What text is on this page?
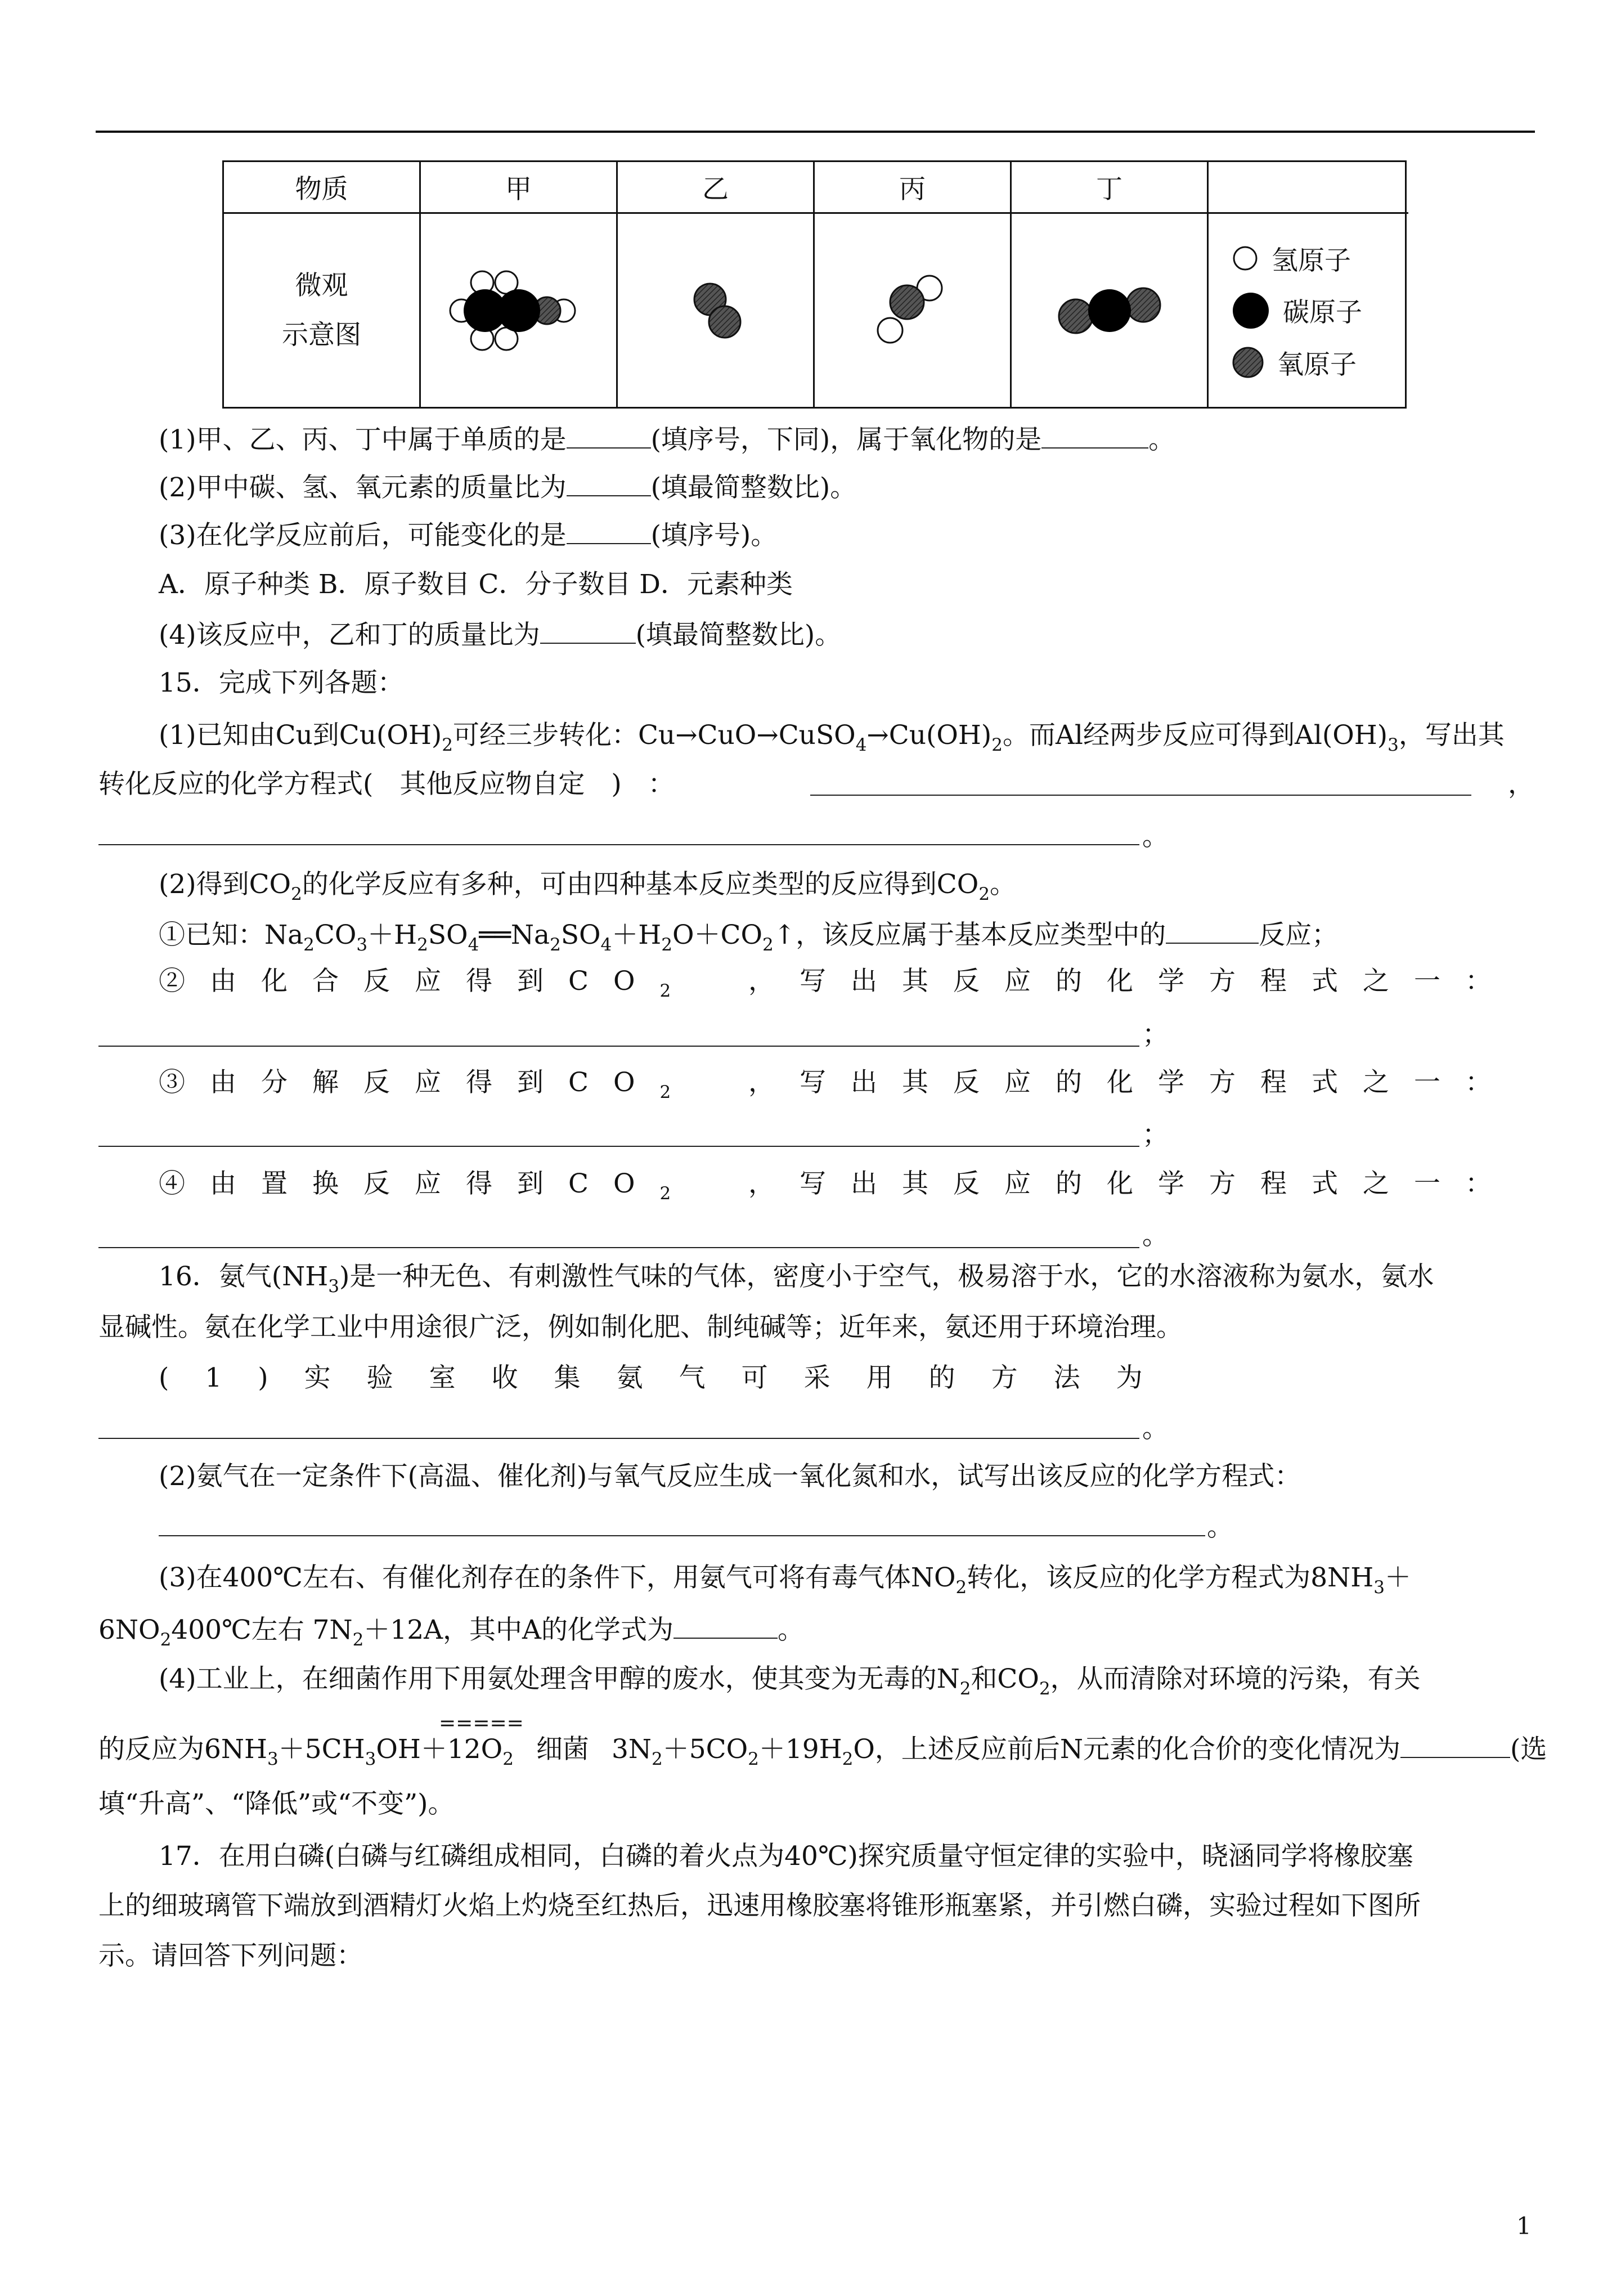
物质	甲	乙	丙	丁
微观
示意图
氢原子
碳原子
氧原子
(1)甲、乙、丙、丁中属于单质的是	(填序号，下同)，属于氧化物的是	。
(2)甲中碳、氢、氧元素的质量比为	(填最简整数比)。
(3)在化学反应前后，可能变化的是	(填序号)。
A．原子种类 B．原子数目 C．分子数目 D．元素种类
(4)该反应中，乙和丁的质量比为	(填最简整数比)。
15．完成下列各题：
(1)已知由Cu到$Cu(OH)_2$可经三步转化：$Cu\to CuO\to CuSO_4\to Cu(OH)_2$。而Al经两步反应可得到$Al(OH)_3$，写出其
转化反应的化学方程式(　其他反应物自定　)　：	，
。
(2)得到$CO_2$的化学反应有多种，可由四种基本反应类型的反应得到$CO_2$。
①已知：$Na_2CO_3+H_2SO_4══Na_2SO_4+H_2O+CO_2↑$，该反应属于基本反应类型中的	反应；
②由化合反应得到$CO_2$ ，写出其反应的化学方程式之一：
；
③由分解反应得到$CO_2$ ，写出其反应的化学方程式之一：
；
④由置换反应得到$CO_2$ ，写出其反应的化学方程式之一：
。
16．氨气$(NH_3)$是一种无色、有刺激性气味的气体，密度小于空气，极易溶于水，它的水溶液称为氨水，氨水
显碱性。氨在化学工业中用途很广泛，例如制化肥、制纯碱等；近年来，氨还用于环境治理。
(1)实验室收集氨气可采用的方法为
。
(2)氨气在一定条件下(高温、催化剂)与氧气反应生成一氧化氮和水，试写出该反应的化学方程式：
。
(3)在400℃左右、有催化剂存在的条件下，用氨气可将有毒气体$NO_2$转化，该反应的化学方程式为$8NH_3+$
$6NO_2400℃$左右 $7N_2+12A$，其中A的化学式为	。
(4)工业上，在细菌作用下用氨处理含甲醇的废水，使其变为无毒的$N_2$和$CO_2$，从而清除对环境的污染，有关
=====
的反应为$6NH_3+5CH_3OH+12O_2$ 细菌 $3N_2+5CO_2+19H_2O$，上述反应前后N元素的化合价的变化情况为	(选
填“升高”、“降低”或“不变”)。
17．在用白磷(白磷与红磷组成相同，白磷的着火点为40℃)探究质量守恒定律的实验中，晓涵同学将橡胶塞
上的细玻璃管下端放到酒精灯火焰上灼烧至红热后，迅速用橡胶塞将锥形瓶塞紧，并引燃白磷，实验过程如下图所
示。请回答下列问题：
1
